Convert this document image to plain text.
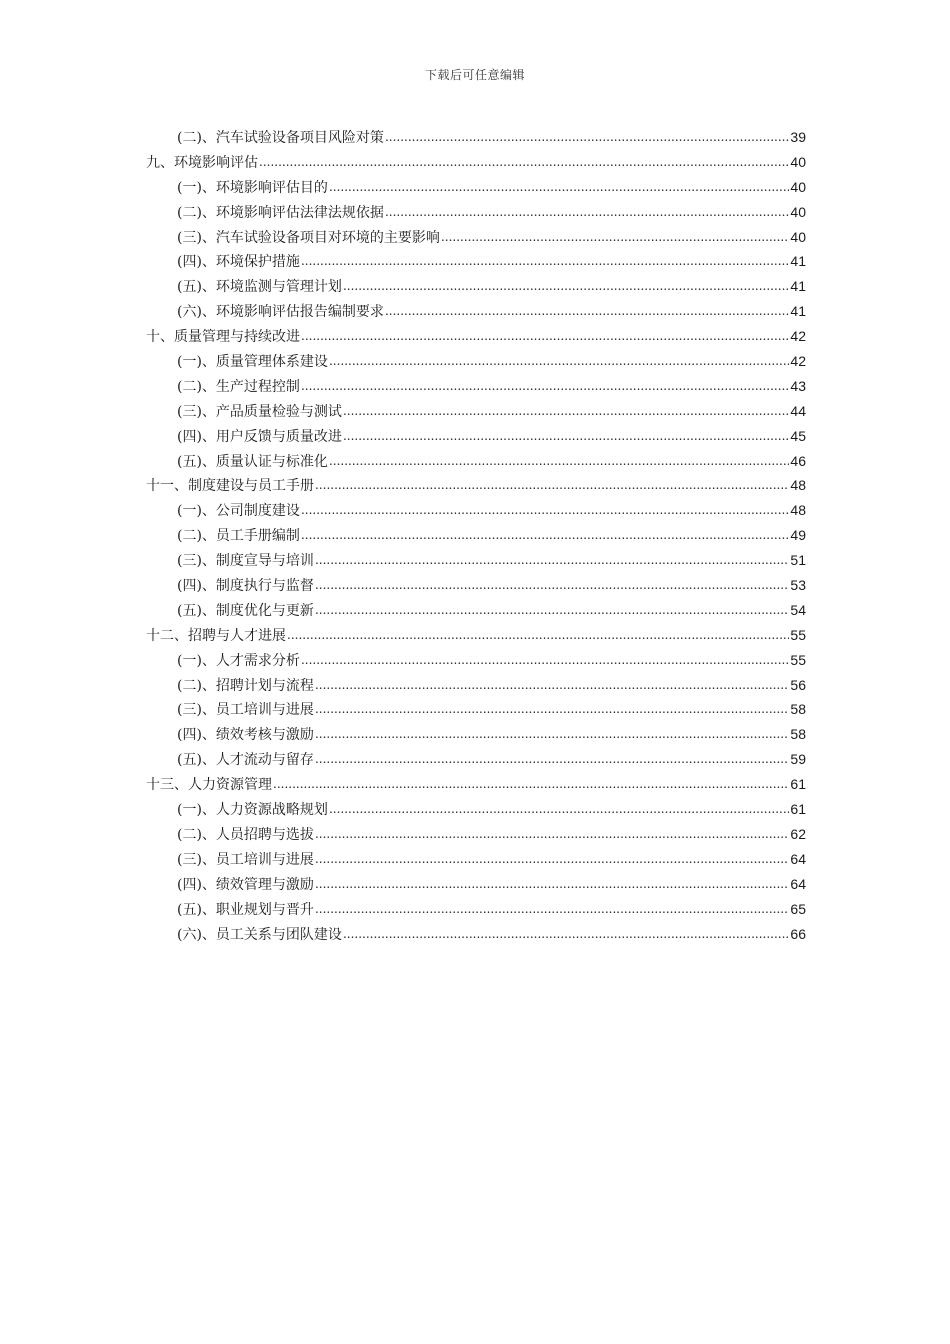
下载后可任意编辑
(二)、汽车试验设备项目风险对策 .....	39
九、环境影响评估 .....	40
(一)、环境影响评估目的 .....	40
(二)、环境影响评估法律法规依据 .....	40
(三)、汽车试验设备项目对环境的主要影响 .....	40
(四)、环境保护措施 .....	41
(五)、环境监测与管理计划 .....	41
(六)、环境影响评估报告编制要求 .....	41
十、质量管理与持续改进 .....	42
(一)、质量管理体系建设 .....	42
(二)、生产过程控制 .....	43
(三)、产品质量检验与测试 .....	44
(四)、用户反馈与质量改进 .....	45
(五)、质量认证与标准化 .....	46
十一、制度建设与员工手册 .....	48
(一)、公司制度建设 .....	48
(二)、员工手册编制 .....	49
(三)、制度宣导与培训 .....	51
(四)、制度执行与监督 .....	53
(五)、制度优化与更新 .....	54
十二、招聘与人才进展 .....	55
(一)、人才需求分析 .....	55
(二)、招聘计划与流程 .....	56
(三)、员工培训与进展 .....	58
(四)、绩效考核与激励 .....	58
(五)、人才流动与留存 .....	59
十三、人力资源管理 .....	61
(一)、人力资源战略规划 .....	61
(二)、人员招聘与选拔 .....	62
(三)、员工培训与进展 .....	64
(四)、绩效管理与激励 .....	64
(五)、职业规划与晋升 .....	65
(六)、员工关系与团队建设 .....	66
